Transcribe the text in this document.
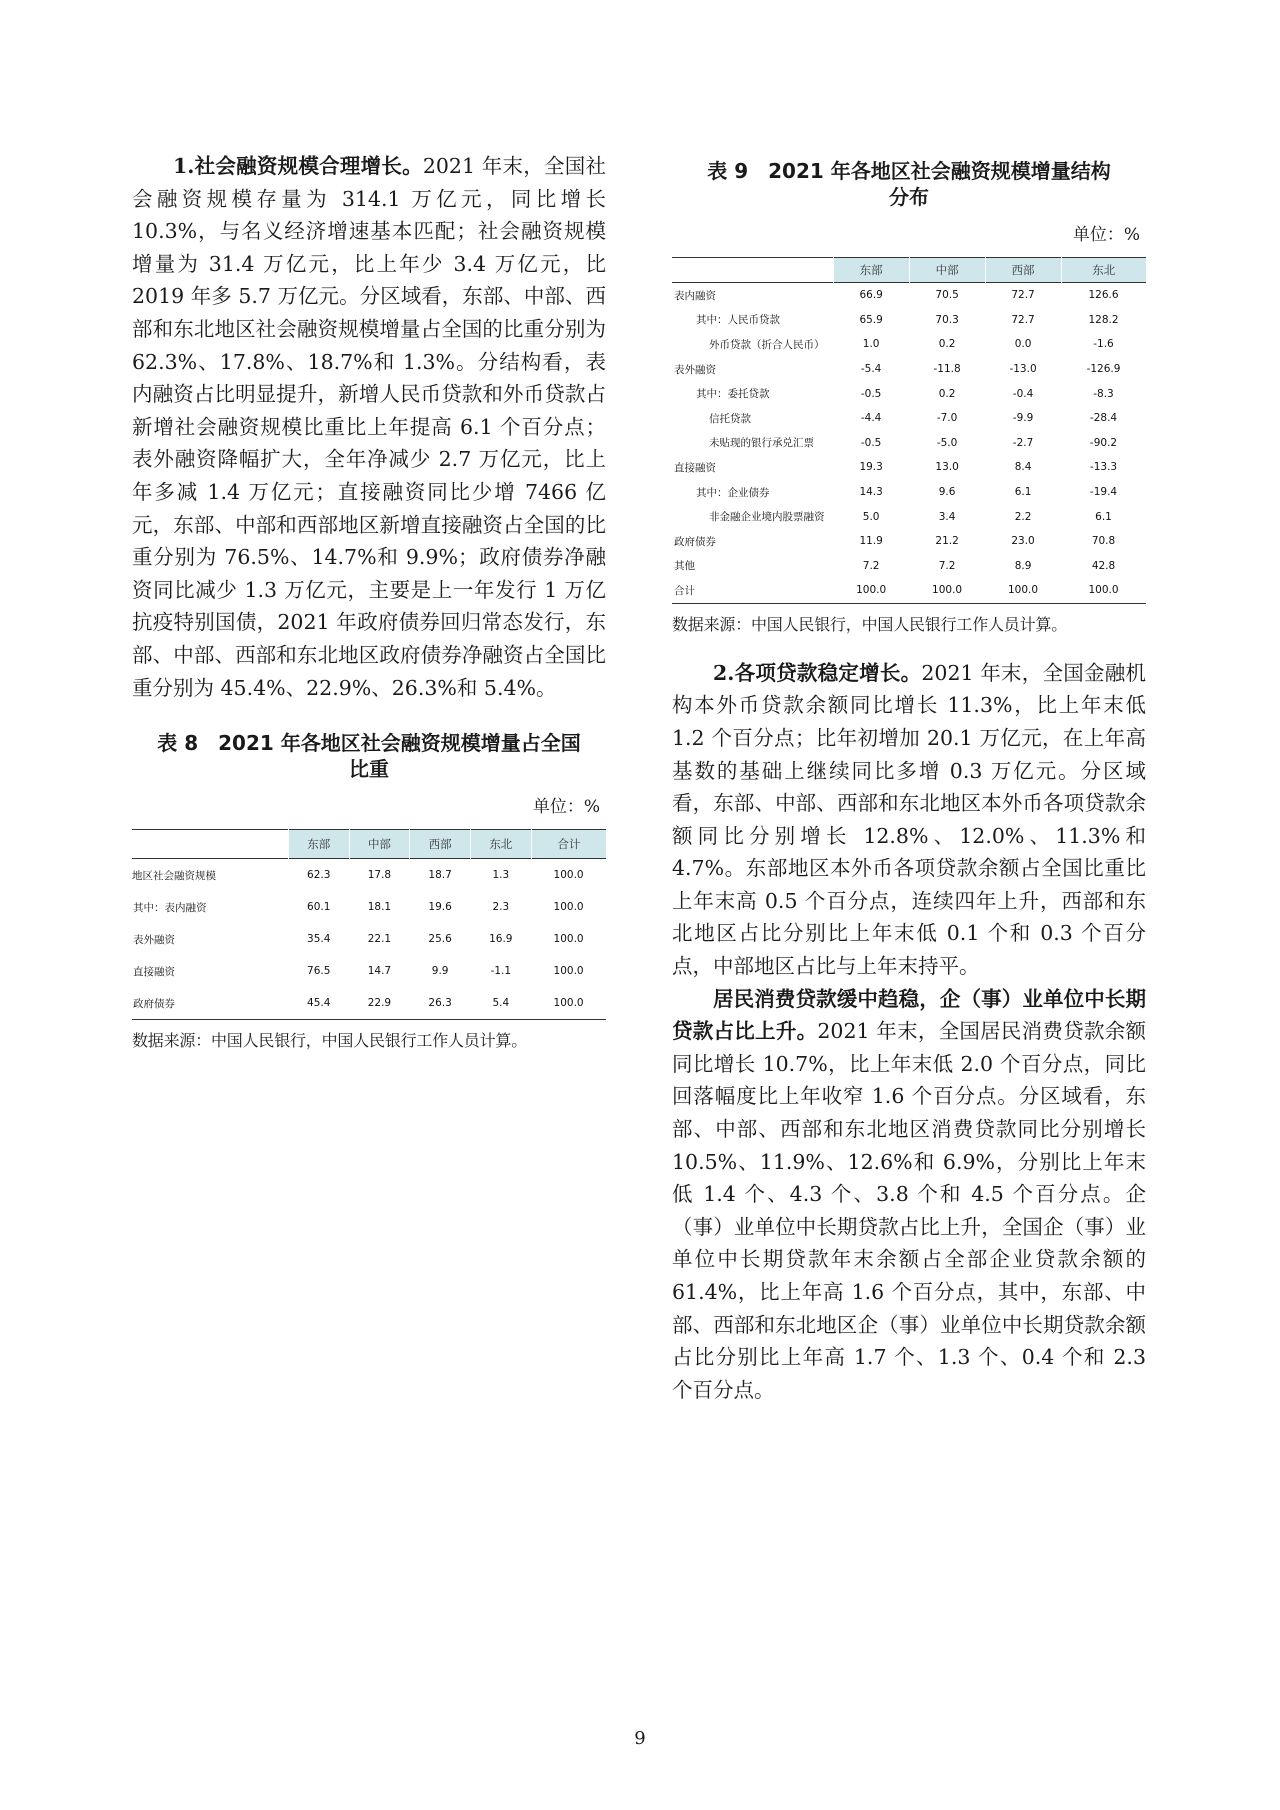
1.社会融资规模合理增长。2021 年末，全国社会融资规模存量为 314.1 万亿元，同比增长 10.3%，与名义经济增速基本匹配；社会融资规模增量为 31.4 万亿元，比上年少 3.4 万亿元，比 2019 年多 5.7 万亿元。分区域看，东部、中部、西部和东北地区社会融资规模增量占全国的比重分别为 62.3%、17.8%、18.7%和 1.3%。分结构看，表内融资占比明显提升，新增人民币贷款和外币贷款占新增社会融资规模比重比上年提高 6.1 个百分点；表外融资降幅扩大，全年净减少 2.7 万亿元，比上年多减 1.4 万亿元；直接融资同比少增 7466 亿元，东部、中部和西部地区新增直接融资占全国的比重分别为 76.5%、14.7%和 9.9%；政府债券净融资同比减少 1.3 万亿元，主要是上一年发行 1 万亿抗疫特别国债，2021 年政府债券回归常态发行，东部、中部、西部和东北地区政府债券净融资占全国比重分别为 45.4%、22.9%、26.3%和 5.4%。

表 8　2021 年各地区社会融资规模增量占全国
比重

单位：%
	东部	中部	西部	东北	合计
地区社会融资规模	62.3	17.8	18.7	1.3	100.0
其中：表内融资	60.1	18.1	19.6	2.3	100.0
表外融资	35.4	22.1	25.6	16.9	100.0
直接融资	76.5	14.7	9.9	-1.1	100.0
政府债券	45.4	22.9	26.3	5.4	100.0
数据来源：中国人民银行，中国人民银行工作人员计算。

表 9　2021 年各地区社会融资规模增量结构
分布

单位：%
	东部	中部	西部	东北
表内融资	66.9	70.5	72.7	126.6
其中：人民币贷款	65.9	70.3	72.7	128.2
外币贷款（折合人民币）	1.0	0.2	0.0	-1.6
表外融资	-5.4	-11.8	-13.0	-126.9
其中：委托贷款	-0.5	0.2	-0.4	-8.3
信托贷款	-4.4	-7.0	-9.9	-28.4
未贴现的银行承兑汇票	-0.5	-5.0	-2.7	-90.2
直接融资	19.3	13.0	8.4	-13.3
其中：企业债券	14.3	9.6	6.1	-19.4
非金融企业境内股票融资	5.0	3.4	2.2	6.1
政府债券	11.9	21.2	23.0	70.8
其他	7.2	7.2	8.9	42.8
合计	100.0	100.0	100.0	100.0
数据来源：中国人民银行，中国人民银行工作人员计算。

2.各项贷款稳定增长。2021 年末，全国金融机构本外币贷款余额同比增长 11.3%，比上年末低 1.2 个百分点；比年初增加 20.1 万亿元，在上年高基数的基础上继续同比多增 0.3 万亿元。分区域看，东部、中部、西部和东北地区本外币各项贷款余额同比分别增长 12.8%、12.0%、11.3%和 4.7%。东部地区本外币各项贷款余额占全国比重比上年末高 0.5 个百分点，连续四年上升，西部和东北地区占比分别比上年末低 0.1 个和 0.3 个百分点，中部地区占比与上年末持平。

居民消费贷款缓中趋稳，企（事）业单位中长期贷款占比上升。2021 年末，全国居民消费贷款余额同比增长 10.7%，比上年末低 2.0 个百分点，同比回落幅度比上年收窄 1.6 个百分点。分区域看，东部、中部、西部和东北地区消费贷款同比分别增长 10.5%、11.9%、12.6%和 6.9%，分别比上年末低 1.4 个、4.3 个、3.8 个和 4.5 个百分点。企（事）业单位中长期贷款占比上升，全国企（事）业单位中长期贷款年末余额占全部企业贷款余额的 61.4%，比上年高 1.6 个百分点，其中，东部、中部、西部和东北地区企（事）业单位中长期贷款余额占比分别比上年高 1.7 个、1.3 个、0.4 个和 2.3 个百分点。

9
